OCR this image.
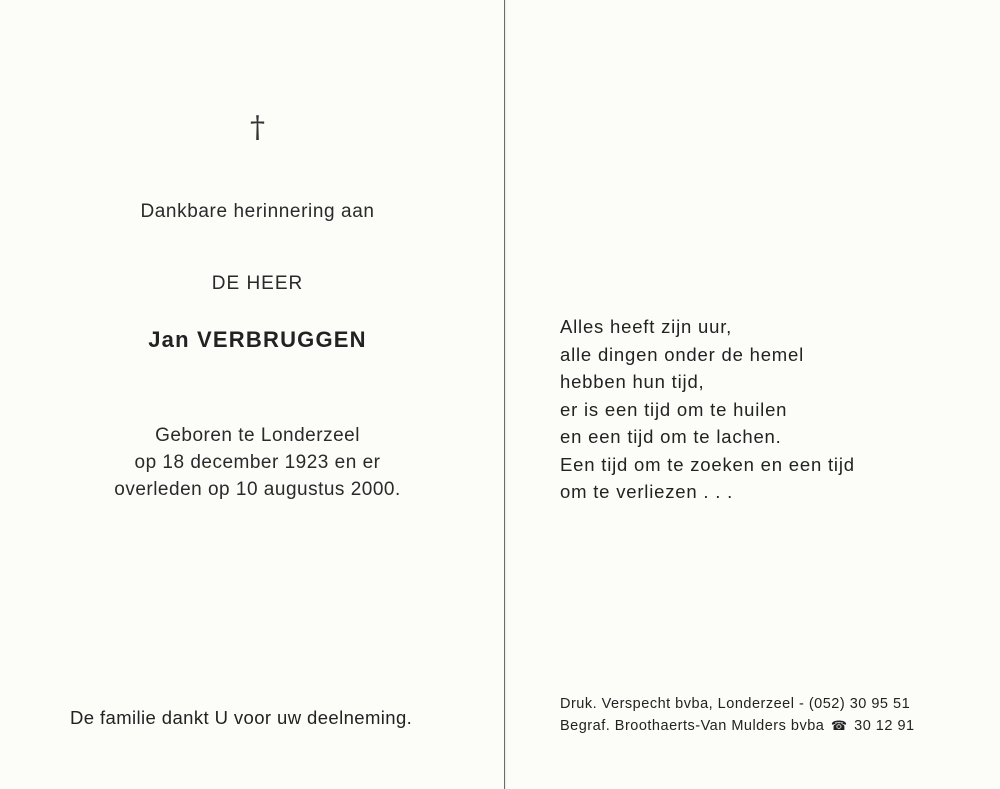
†
Dankbare herinnering aan
DE HEER
Jan VERBRUGGEN
Geboren te Londerzeel
op 18 december 1923 en er
overleden op 10 augustus 2000.
De familie dankt U voor uw deelneming.
Alles heeft zijn uur,
alle dingen onder de hemel
hebben hun tijd,
er is een tijd om te huilen
en een tijd om te lachen.
Een tijd om te zoeken en een tijd
om te verliezen . . .
Druk. Verspecht bvba, Londerzeel - (052) 30 95 51
Begraf. Broothaerts-Van Mulders bvba ☎ 30 12 91
